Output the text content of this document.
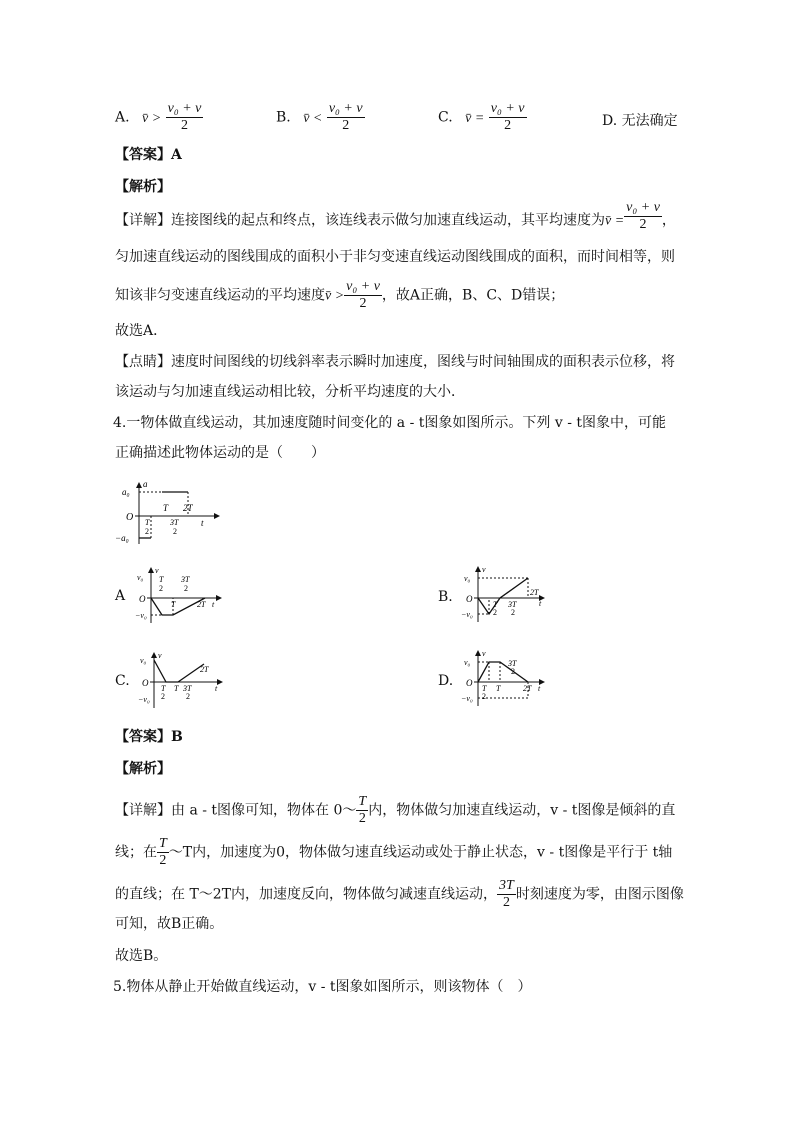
A. v̄ > $\frac{\text{v₀ + v}}{2}$	B. v̄ < $\frac{\text{v₀ + v}}{2}$	C. v̄ = $\frac{\text{v₀ + v}}{2}$	D. 无法确定
【答案】A
【解析】
【详解】连接图线的起点和终点，该连线表示做匀加速直线运动，其平均速度为v̄ = $\frac{\text{v₀ + v}}{2}$ ，
匀加速直线运动的图线围成的面积小于非匀变速直线运动图线围成的面积，而时间相等，则
知该非匀变速直线运动的平均速度v̄ > $\frac{\text{v₀ + v}}{2}$ ，故A正确，B、C、D错误；
故选A．
【点睛】速度时间图线的切线斜率表示瞬时加速度，图线与时间轴围成的面积表示位移，将
该运动与匀加速直线运动相比较，分析平均速度的大小．
4.一物体做直线运动，其加速度随时间变化的 a - t图象如图所示。下列 v - t图象中，可能
正确描述此物体运动的是（　　）
a₀
a
O
−a₀
t
T 2T
T
2
3T
2
A
v
v₀
O
−v₀
T
2
3T
2
T	2T t	B.
v
v₀
O
−v₀
2T
t
T
2
3T
2
C.
v
v₀
O
−v₀
2T
t
T
2
T 3T
2
D.
v
v₀
O
−v₀
3T
2
T
2
T	2T t
【答案】B
【解析】
【详解】由 a - t图像可知，物体在 0～ $\frac{T}{2}$ 内，物体做匀加速直线运动，v - t图像是倾斜的直
线；在 $\frac{T}{2}$ ～T内，加速度为0，物体做匀速直线运动或处于静止状态，v - t图像是平行于 t轴
的直线；在 T～2T内，加速度反向，物体做匀减速直线运动， $\frac{3T}{2}$ 时刻速度为零，由图示图像
可知，故B正确。
故选B。
5.物体从静止开始做直线运动，v - t图象如图所示，则该物体（　）
